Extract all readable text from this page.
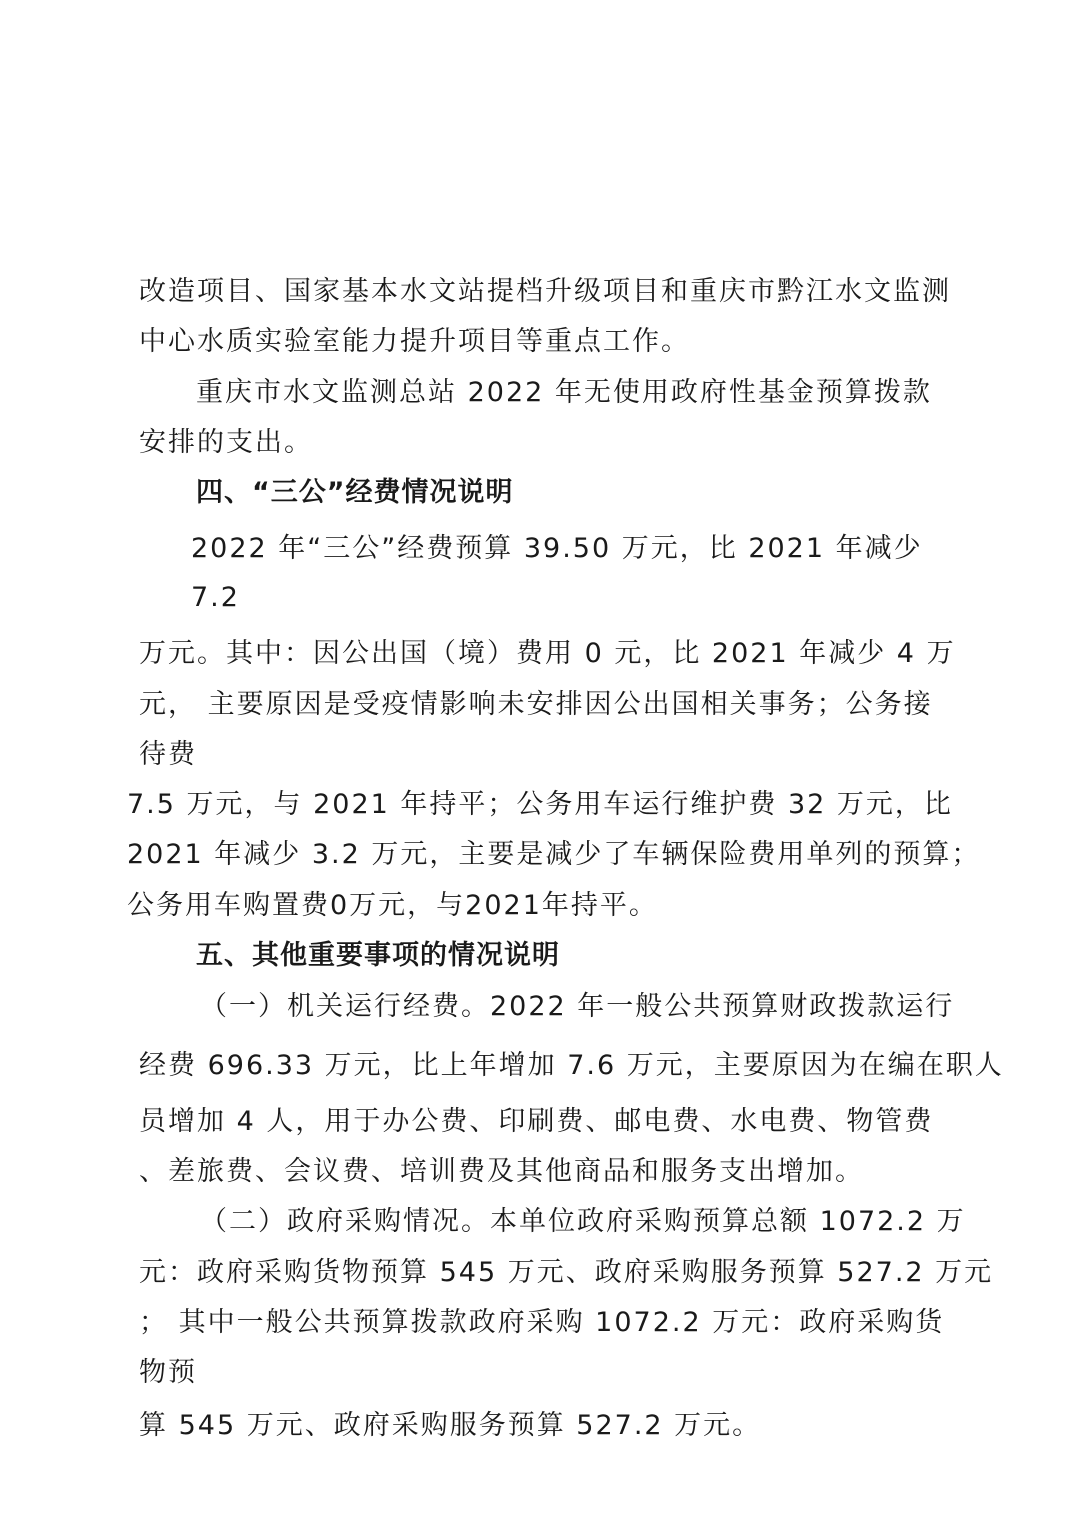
改造项目、国家基本水文站提档升级项目和重庆市黔江水文监测
中心水质实验室能力提升项目等重点工作。
重庆市水文监测总站 2022 年无使用政府性基金预算拨款
安排的支出。
四、“三公”经费情况说明
2022 年“三公”经费预算 39.50 万元，比 2021 年减少
7.2
万元。其中：因公出国（境）费用 0 元，比 2021 年减少 4 万
元， 主要原因是受疫情影响未安排因公出国相关事务；公务接
待费
7.5 万元，与 2021 年持平；公务用车运行维护费 32 万元，比
2021 年减少 3.2 万元，主要是减少了车辆保险费用单列的预算；
公务用车购置费0万元，与2021年持平。
五、其他重要事项的情况说明
（一）机关运行经费。2022 年一般公共预算财政拨款运行
经费 696.33 万元，比上年增加 7.6 万元，主要原因为在编在职人
员增加 4 人，用于办公费、印刷费、邮电费、水电费、物管费
、差旅费、会议费、培训费及其他商品和服务支出增加。
（二）政府采购情况。本单位政府采购预算总额 1072.2 万
元：政府采购货物预算 545 万元、政府采购服务预算 527.2 万元
； 其中一般公共预算拨款政府采购 1072.2 万元：政府采购货
物预
算 545 万元、政府采购服务预算 527.2 万元。
